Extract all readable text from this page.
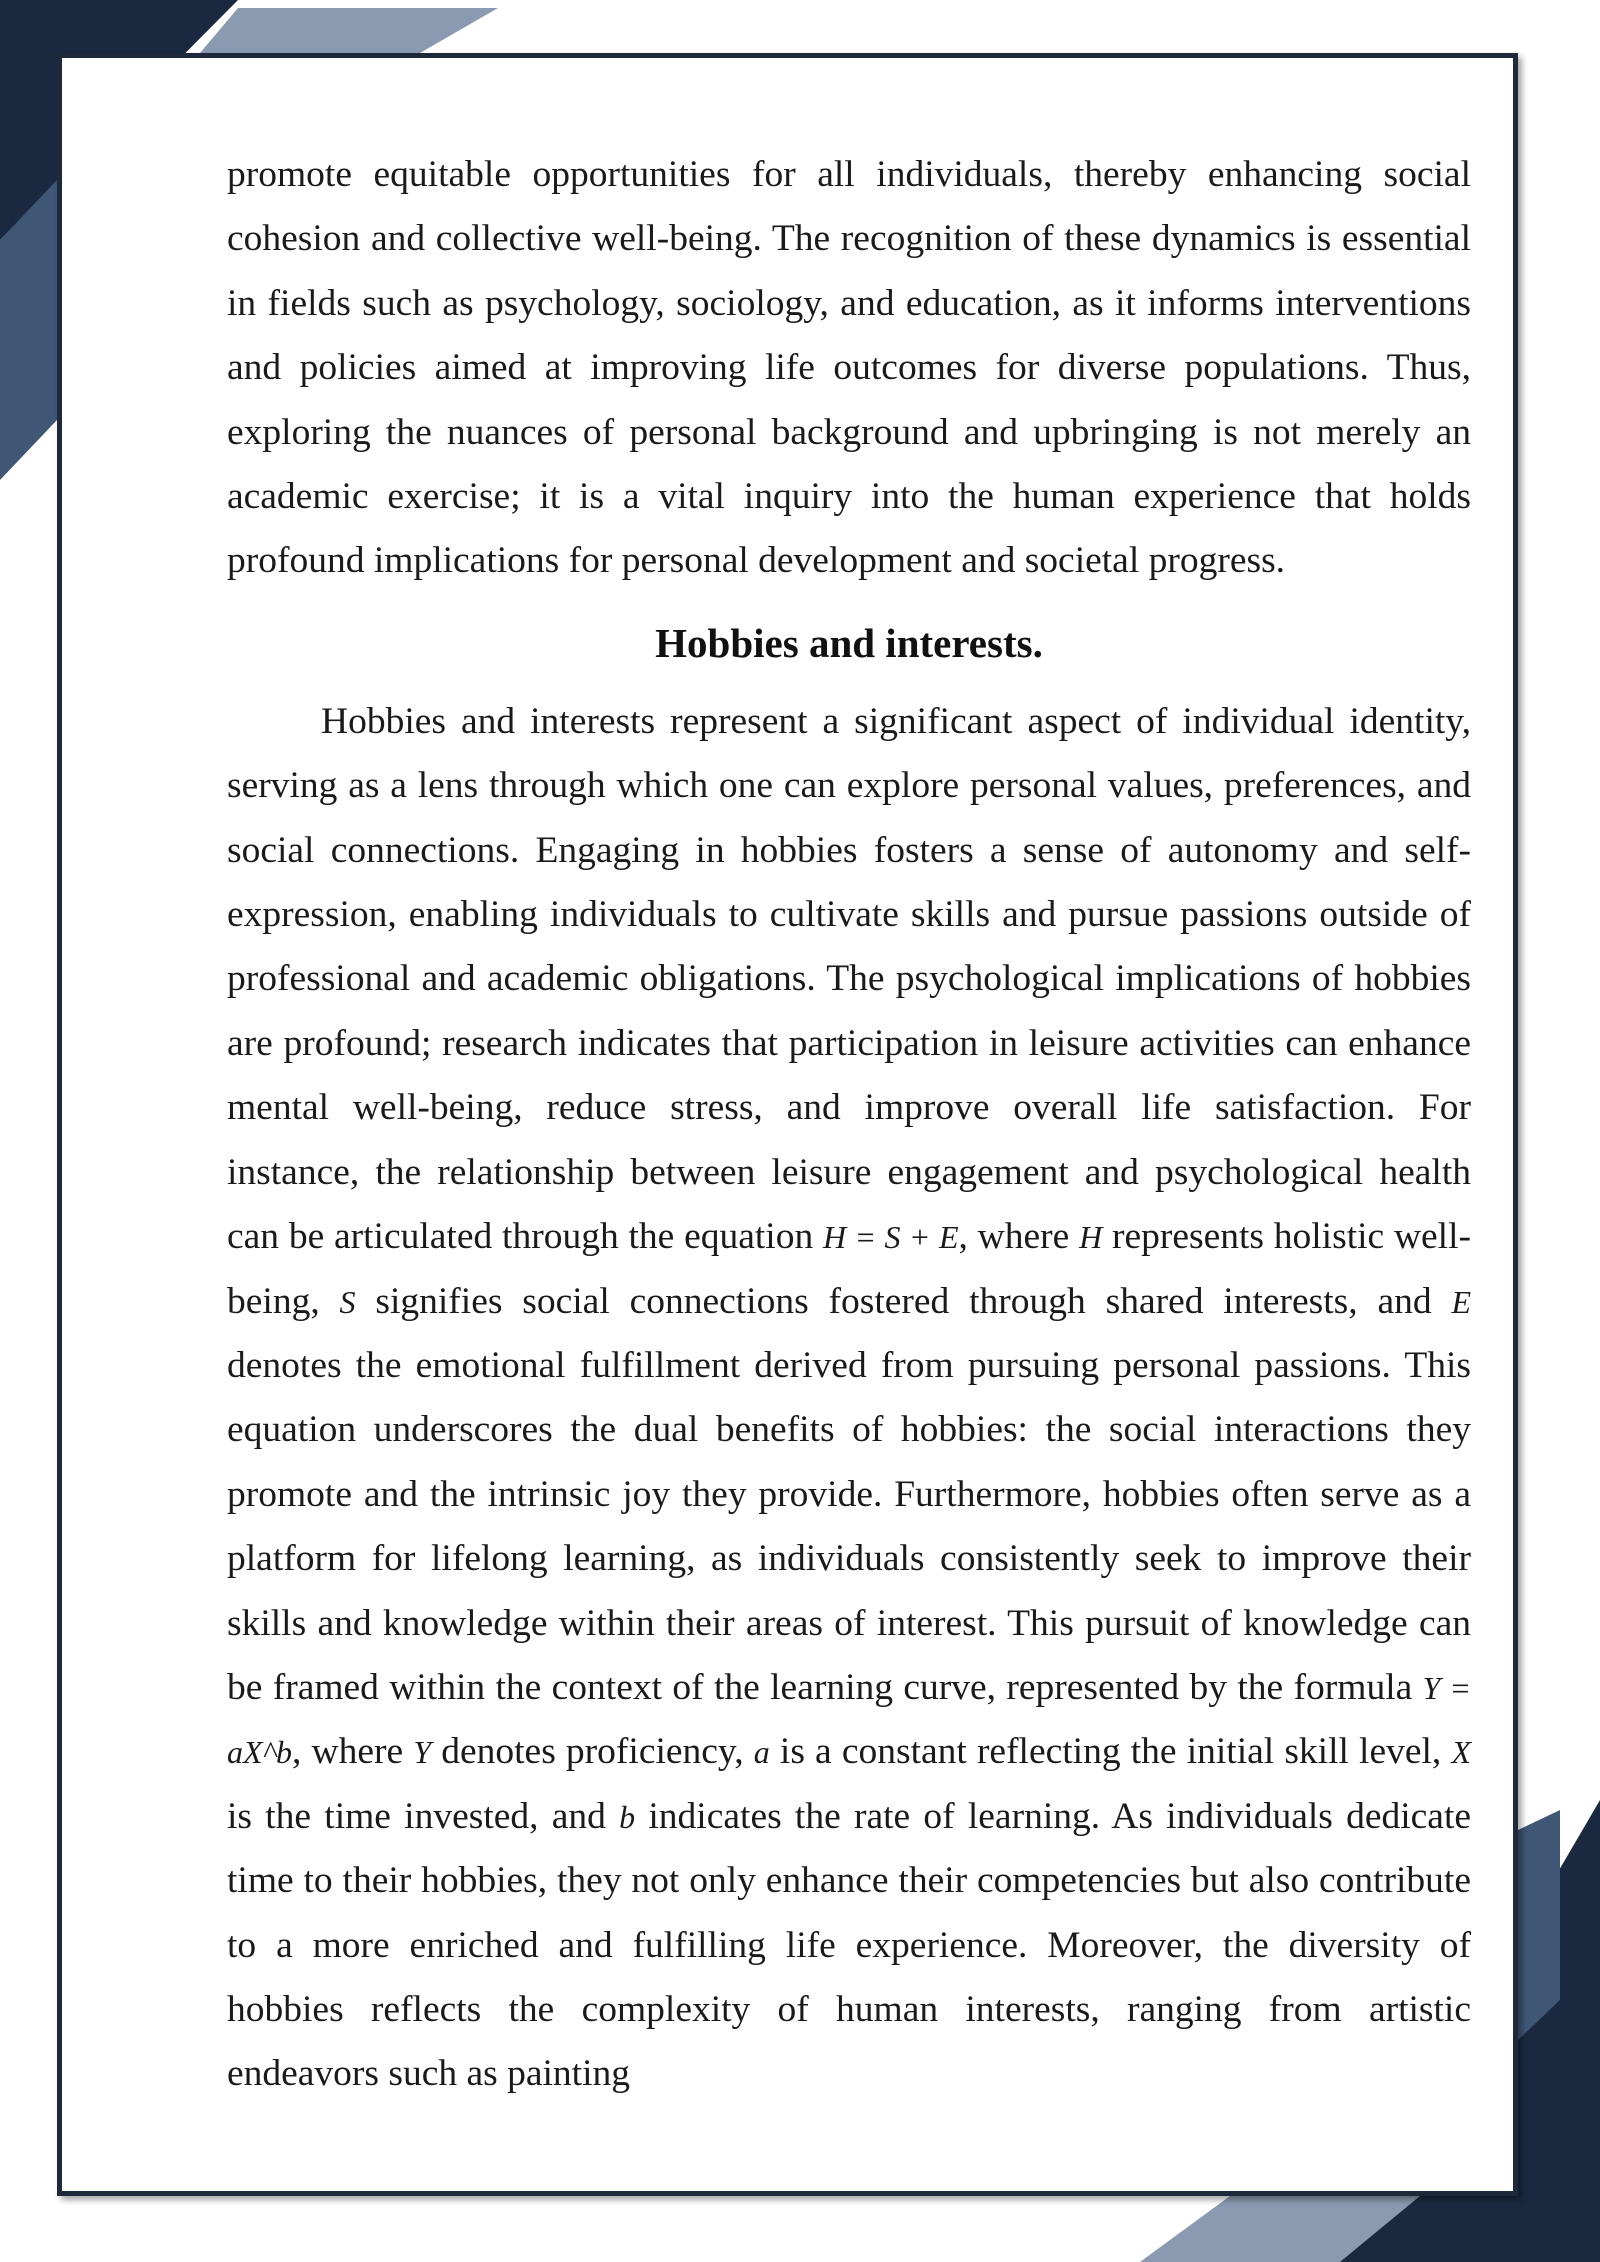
promote equitable opportunities for all individuals, thereby enhancing social cohesion and collective well-being. The recognition of these dynamics is essential in fields such as psychology, sociology, and education, as it informs interventions and policies aimed at improving life outcomes for diverse populations. Thus, exploring the nuances of personal background and upbringing is not merely an academic exercise; it is a vital inquiry into the human experience that holds profound implications for personal development and societal progress.

Hobbies and interests.

Hobbies and interests represent a significant aspect of individual identity, serving as a lens through which one can explore personal values, preferences, and social connections. Engaging in hobbies fosters a sense of autonomy and self-expression, enabling individuals to cultivate skills and pursue passions outside of professional and academic obligations. The psychological implications of hobbies are profound; research indicates that participation in leisure activities can enhance mental well-being, reduce stress, and improve overall life satisfaction. For instance, the relationship between leisure engagement and psychological health can be articulated through the equation H = S + E, where H represents holistic well-being, S signifies social connections fostered through shared interests, and E denotes the emotional fulfillment derived from pursuing personal passions. This equation underscores the dual benefits of hobbies: the social interactions they promote and the intrinsic joy they provide. Furthermore, hobbies often serve as a platform for lifelong learning, as individuals consistently seek to improve their skills and knowledge within their areas of interest. This pursuit of knowledge can be framed within the context of the learning curve, represented by the formula Y = aX^b, where Y denotes proficiency, a is a constant reflecting the initial skill level, X is the time invested, and b indicates the rate of learning. As individuals dedicate time to their hobbies, they not only enhance their competencies but also contribute to a more enriched and fulfilling life experience. Moreover, the diversity of hobbies reflects the complexity of human interests, ranging from artistic endeavors such as painting
